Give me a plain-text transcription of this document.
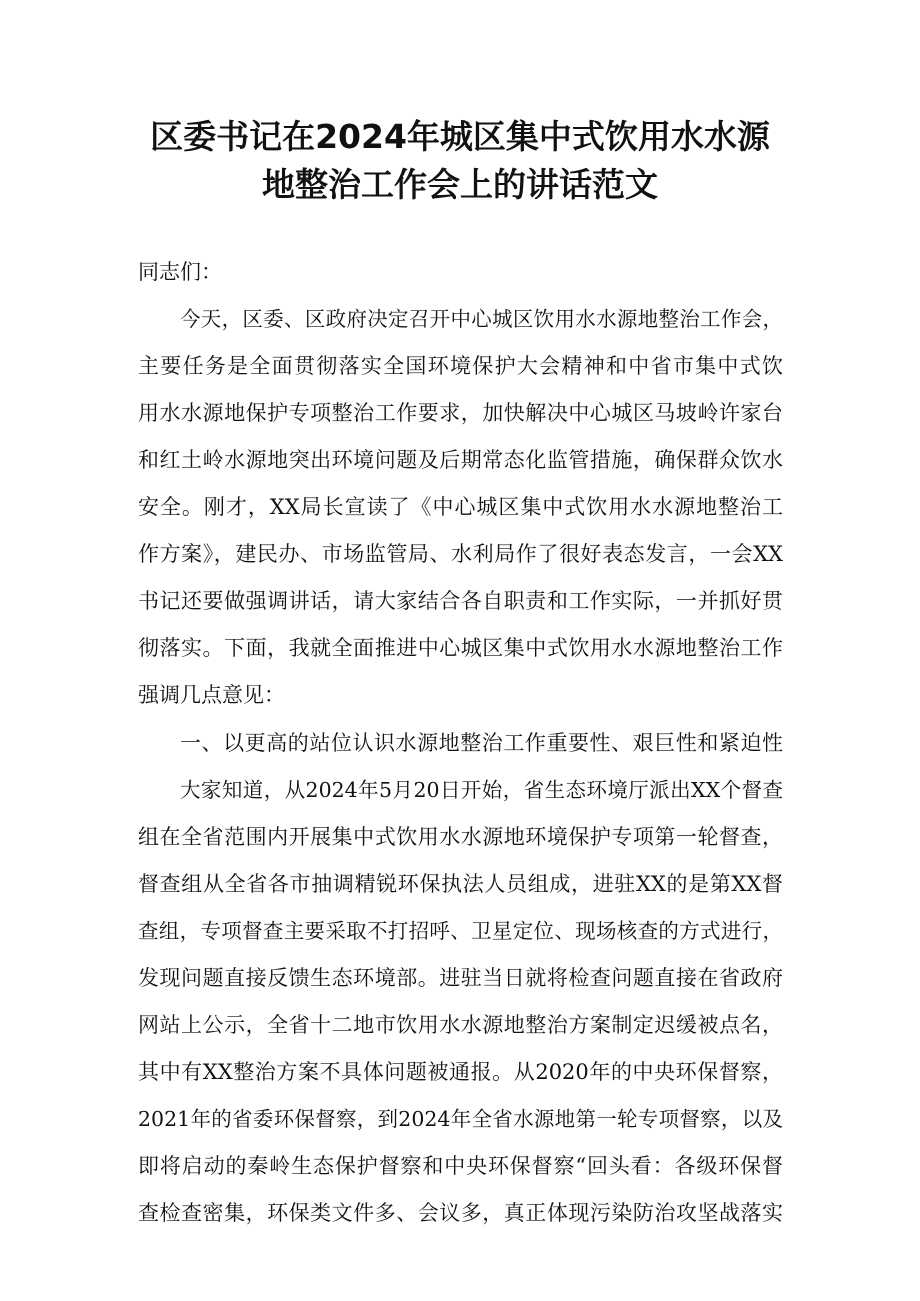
区委书记在2024年城区集中式饮用水水源
地整治工作会上的讲话范文
同志们：
今天，区委、区政府决定召开中心城区饮用水水源地整治工作会，
主要任务是全面贯彻落实全国环境保护大会精神和中省市集中式饮
用水水源地保护专项整治工作要求，加快解决中心城区马坡岭许家台
和红土岭水源地突出环境问题及后期常态化监管措施，确保群众饮水
安全。刚才，XX局长宣读了《中心城区集中式饮用水水源地整治工
作方案》，建民办、市场监管局、水利局作了很好表态发言，一会XX
书记还要做强调讲话，请大家结合各自职责和工作实际，一并抓好贯
彻落实。下面，我就全面推进中心城区集中式饮用水水源地整治工作
强调几点意见：
一、以更高的站位认识水源地整治工作重要性、艰巨性和紧迫性
大家知道，从2024年5月20日开始，省生态环境厅派出XX个督查
组在全省范围内开展集中式饮用水水源地环境保护专项第一轮督查，
督查组从全省各市抽调精锐环保执法人员组成，进驻XX的是第XX督
查组，专项督查主要采取不打招呼、卫星定位、现场核查的方式进行，
发现问题直接反馈生态环境部。进驻当日就将检查问题直接在省政府
网站上公示，全省十二地市饮用水水源地整治方案制定迟缓被点名，
其中有XX整治方案不具体问题被通报。从2020年的中央环保督察，
2021年的省委环保督察，到2024年全省水源地第一轮专项督察，以及
即将启动的秦岭生态保护督察和中央环保督察“回头看：各级环保督
查检查密集，环保类文件多、会议多，真正体现污染防治攻坚战落实
